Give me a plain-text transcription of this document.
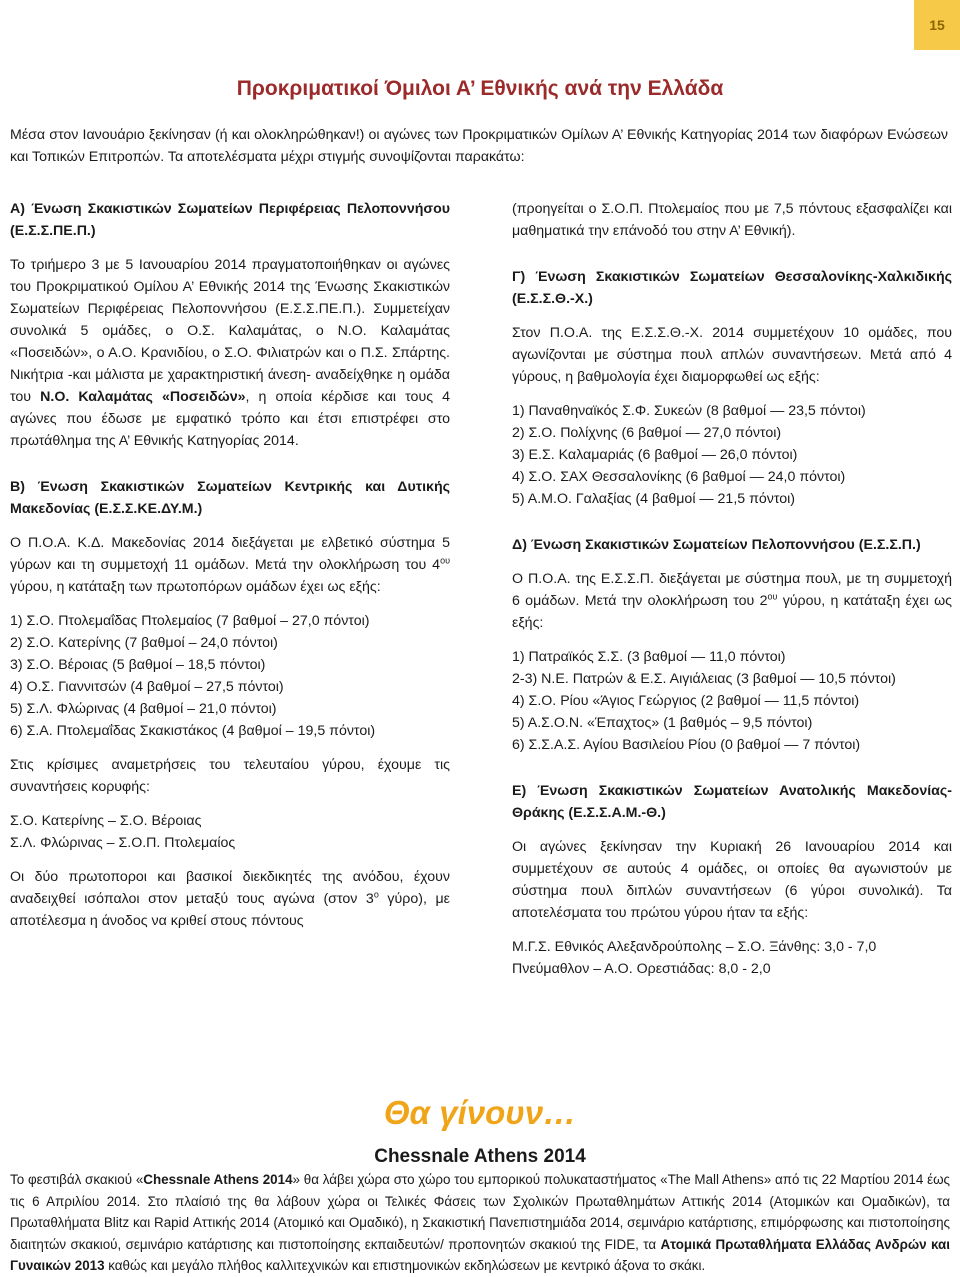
15
Προκριματικοί Όμιλοι Α’ Εθνικής ανά την Ελλάδα
Μέσα στον Ιανουάριο ξεκίνησαν (ή και ολοκληρώθηκαν!) οι αγώνες των Προκριματικών Ομίλων Α’ Εθνικής Κατηγορίας 2014 των διαφόρων Ενώσεων και Τοπικών Επιτροπών. Τα αποτελέσματα μέχρι στιγμής συνοψίζονται παρακάτω:

Α) Ένωση Σκακιστικών Σωματείων Περιφέρειας Πελοποννήσου (Ε.Σ.Σ.ΠΕ.Π.)

Το τριήμερο 3 με 5 Ιανουαρίου 2014 πραγματοποιήθηκαν οι αγώνες του Προκριματικού Ομίλου Α’ Εθνικής 2014 της Ένωσης Σκακιστικών Σωματείων Περιφέρειας Πελοποννήσου (Ε.Σ.Σ.ΠΕ.Π.). Συμμετείχαν συνολικά 5 ομάδες, ο Ο.Σ. Καλαμάτας, ο Ν.Ο. Καλαμάτας «Ποσειδών», ο Α.Ο. Κρανιδίου, ο Σ.Ο. Φιλιατρών και ο Π.Σ. Σπάρτης. Νικήτρια -και μάλιστα με χαρακτηριστική άνεση- αναδείχθηκε η ομάδα του Ν.Ο. Καλαμάτας «Ποσειδών», η οποία κέρδισε και τους 4 αγώνες που έδωσε με εμφατικό τρόπο και έτσι επιστρέφει στο πρωτάθλημα της Α’ Εθνικής Κατηγορίας 2014.

Β) Ένωση Σκακιστικών Σωματείων Κεντρικής και Δυτικής Μακεδονίας (Ε.Σ.Σ.ΚΕ.ΔΥ.Μ.)

Ο Π.Ο.Α. Κ.Δ. Μακεδονίας 2014 διεξάγεται με ελβετικό σύστημα 5 γύρων και τη συμμετοχή 11 ομάδων. Μετά την ολοκλήρωση του $4^{o\upsilon}$ γύρου, η κατάταξη των πρωτοπόρων ομάδων έχει ως εξής:

1) Σ.Ο. Πτολεμαΐδας Πτολεμαίος (7 βαθμοί – 27,0 πόντοι)
2) Σ.Ο. Κατερίνης (7 βαθμοί – 24,0 πόντοι)
3) Σ.Ο. Βέροιας (5 βαθμοί – 18,5 πόντοι)
4) Ο.Σ. Γιαννιτσών (4 βαθμοί – 27,5 πόντοι)
5) Σ.Λ. Φλώρινας (4 βαθμοί – 21,0 πόντοι)
6) Σ.Α. Πτολεμαΐδας Σκακιστάκος (4 βαθμοί – 19,5 πόντοι)

Στις κρίσιμες αναμετρήσεις του τελευταίου γύρου, έχουμε τις συναντήσεις κορυφής:

Σ.Ο. Κατερίνης – Σ.Ο. Βέροιας
Σ.Λ. Φλώρινας – Σ.Ο.Π. Πτολεμαίος

Οι δύο πρωτοποροι και βασικοί διεκδικητές της ανόδου, έχουν αναδειχθεί ισόπαλοι στον μεταξύ τους αγώνα (στον $3^o$ γύρο), με αποτέλεσμα η άνοδος να κριθεί στους πόντους

(προηγείται ο Σ.Ο.Π. Πτολεμαίος που με 7,5 πόντους εξασφαλίζει και μαθηματικά την επάνοδό του στην Α’ Εθνική).

Γ) Ένωση Σκακιστικών Σωματείων Θεσσαλονίκης-Χαλκιδικής (Ε.Σ.Σ.Θ.-Χ.)

Στον Π.Ο.Α. της Ε.Σ.Σ.Θ.-Χ. 2014 συμμετέχουν 10 ομάδες, που αγωνίζονται με σύστημα πουλ απλών συναντήσεων. Μετά από 4 γύρους, η βαθμολογία έχει διαμορφωθεί ως εξής:

1) Παναθηναϊκός Σ.Φ. Συκεών (8 βαθμοί — 23,5 πόντοι)
2) Σ.Ο. Πολίχνης (6 βαθμοί — 27,0 πόντοι)
3) Ε.Σ. Καλαμαριάς (6 βαθμοί — 26,0 πόντοι)
4) Σ.Ο. ΣΑΧ Θεσσαλονίκης (6 βαθμοί — 24,0 πόντοι)
5) Α.Μ.Ο. Γαλαξίας (4 βαθμοί — 21,5 πόντοι)

Δ) Ένωση Σκακιστικών Σωματείων Πελοποννήσου (Ε.Σ.Σ.Π.)

Ο Π.Ο.Α. της Ε.Σ.Σ.Π. διεξάγεται με σύστημα πουλ, με τη συμμετοχή 6 ομάδων. Μετά την ολοκλήρωση του $2^{o\upsilon}$ γύρου, η κατάταξη έχει ως εξής:

1) Πατραϊκός Σ.Σ. (3 βαθμοί — 11,0 πόντοι)
2-3) Ν.Ε. Πατρών & Ε.Σ. Αιγιάλειας (3 βαθμοί — 10,5 πόντοι)
4) Σ.Ο. Ρίου «Άγιος Γεώργιος (2 βαθμοί — 11,5 πόντοι)
5) Α.Σ.Ο.Ν. «Έπαχτος» (1 βαθμός – 9,5 πόντοι)
6) Σ.Σ.Α.Σ. Αγίου Βασιλείου Ρίου (0 βαθμοί — 7 πόντοι)

Ε) Ένωση Σκακιστικών Σωματείων Ανατολικής Μακεδονίας-Θράκης (Ε.Σ.Σ.Α.Μ.-Θ.)

Οι αγώνες ξεκίνησαν την Κυριακή 26 Ιανουαρίου 2014 και συμμετέχουν σε αυτούς 4 ομάδες, οι οποίες θα αγωνιστούν με σύστημα πουλ διπλών συναντήσεων (6 γύροι συνολικά). Τα αποτελέσματα του πρώτου γύρου ήταν τα εξής:

Μ.Γ.Σ. Εθνικός Αλεξανδρούπολης – Σ.Ο. Ξάνθης: 3,0 - 7,0
Πνεύμαθλον – Α.Ο. Ορεστιάδας: 8,0 - 2,0
Θα γίνουν…
Chessnale Athens 2014
Το φεστιβάλ σκακιού «Chessnale Athens 2014» θα λάβει χώρα στο χώρο του εμπορικού πολυκαταστήματος «The Mall Athens» από τις 22 Μαρτίου 2014 έως τις 6 Απριλίου 2014. Στο πλαίσιό της θα λάβουν χώρα οι Τελικές Φάσεις των Σχολικών Πρωταθλημάτων Αττικής 2014 (Ατομικών και Ομαδικών), τα Πρωταθλήματα Blitz και Rapid Αττικής 2014 (Ατομικό και Ομαδικό), η Σκακιστική Πανεπιστημιάδα 2014, σεμινάριο κατάρτισης, επιμόρφωσης και πιστοποίησης διαιτητών σκακιού, σεμινάριο κατάρτισης και πιστοποίησης εκπαιδευτών/ προπονητών σκακιού της FIDE, τα Ατομικά Πρωταθλήματα Ελλάδας Ανδρών και Γυναικών 2013 καθώς και μεγάλο πλήθος καλλιτεχνικών και επιστημονικών εκδηλώσεων με κεντρικό άξονα το σκάκι.
